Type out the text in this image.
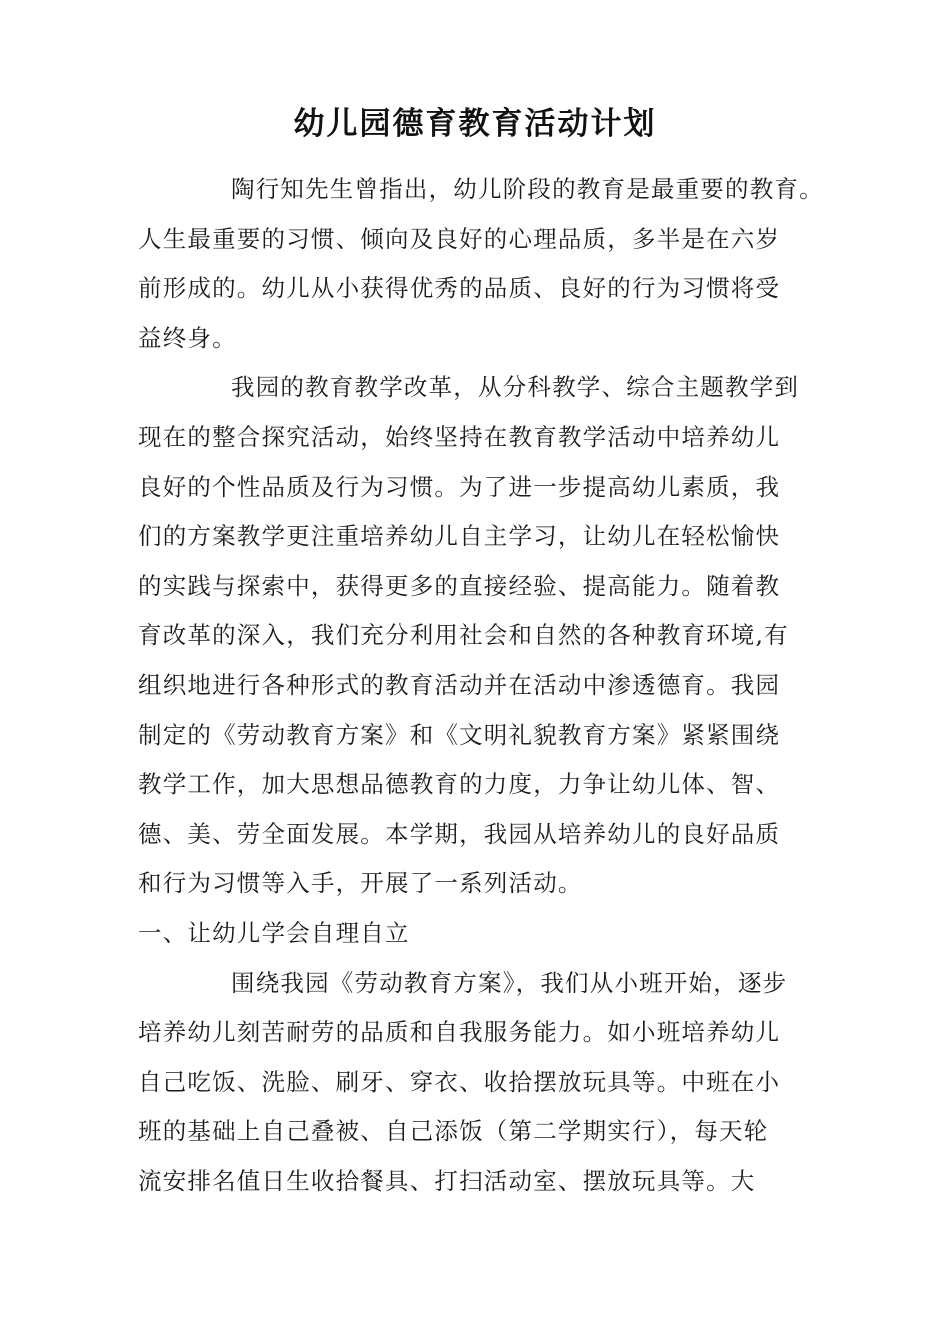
幼儿园德育教育活动计划
陶行知先生曾指出，幼儿阶段的教育是最重要的教育。
人生最重要的习惯、倾向及良好的心理品质，多半是在六岁
前形成的。幼儿从小获得优秀的品质、良好的行为习惯将受
益终身。
我园的教育教学改革，从分科教学、综合主题教学到
现在的整合探究活动，始终坚持在教育教学活动中培养幼儿
良好的个性品质及行为习惯。为了进一步提高幼儿素质，我
们的方案教学更注重培养幼儿自主学习，让幼儿在轻松愉快
的实践与探索中，获得更多的直接经验、提高能力。随着教
育改革的深入，我们充分利用社会和自然的各种教育环境,有
组织地进行各种形式的教育活动并在活动中渗透德育。我园
制定的《劳动教育方案》和《文明礼貌教育方案》紧紧围绕
教学工作，加大思想品德教育的力度，力争让幼儿体、智、
德、美、劳全面发展。本学期，我园从培养幼儿的良好品质
和行为习惯等入手，开展了一系列活动。
一、让幼儿学会自理自立
围绕我园《劳动教育方案》，我们从小班开始，逐步
培养幼儿刻苦耐劳的品质和自我服务能力。如小班培养幼儿
自己吃饭、洗脸、刷牙、穿衣、收拾摆放玩具等。中班在小
班的基础上自己叠被、自己添饭（第二学期实行），每天轮
流安排名值日生收拾餐具、打扫活动室、摆放玩具等。大
